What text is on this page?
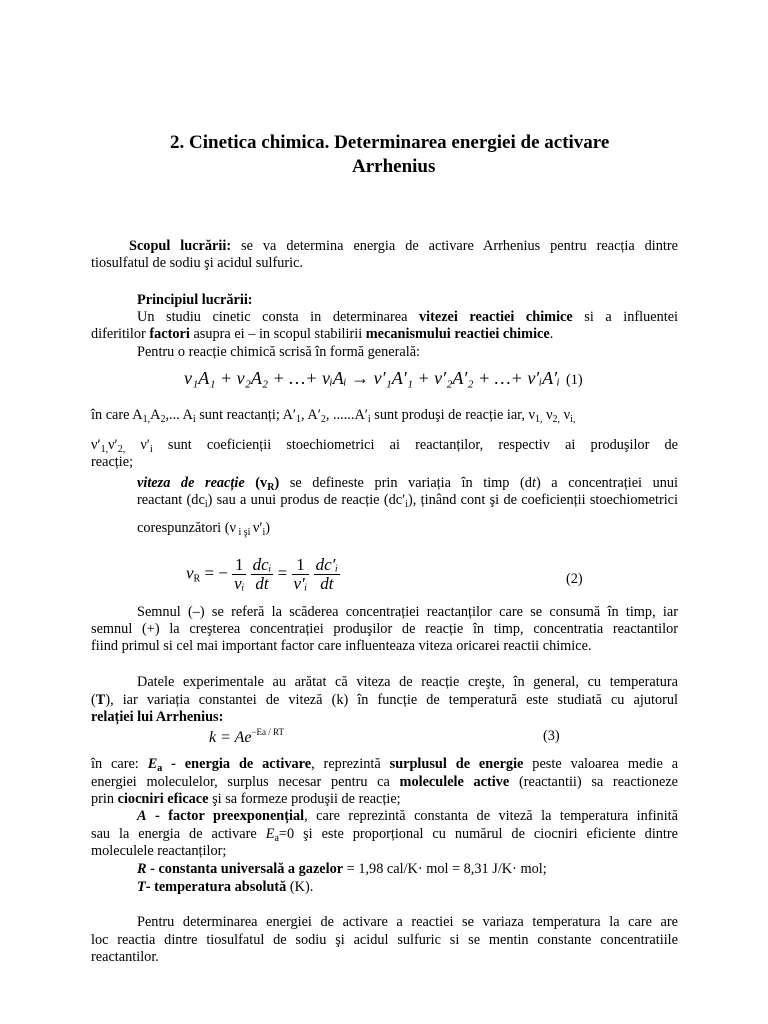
2. Cinetica chimica. Determinarea energiei de activare
Arrhenius
Scopul lucrării: se va determina energia de activare Arrhenius pentru reacția dintre
tiosulfatul de sodiu şi acidul sulfuric.
Principiul lucrării:
Un studiu cinetic consta in determinarea vitezei reactiei chimice si a influentei
diferitilor factori asupra ei – in scopul stabilirii mecanismului reactiei chimice.
Pentru o reacție chimică scrisă în formă generală:
ν₁A₁ + ν₂A₂ + …+ νᵢAᵢ → ν′₁A′₁ + ν′₂A′₂ + …+ ν′ᵢA′ᵢ (1)
în care $A_{1,}A_2$,... $A_i$ sunt reactanți; $A'_1$, $A'_2$, $......A'_i$ sunt produşi de reacție iar, $\nu_{1,}$ $\nu_{2,}$ $\nu_{i,}$
$\nu'_{1,}\nu'_{2,}$ $\nu'_i$ sunt coeficienții stoechiometrici ai reactanților, respectiv ai produşilor de
reacție;
viteza de reacție $(v_R)$ se defineste prin variația în timp (dt) a concentrației unui
reactant $(dc_i)$ sau a unui produs de reacție $(dc'_i)$, ținând cont şi de coeficienții stoechiometrici
corespunzători (ν $_{i şi}$ $\nu'_i$)
$v_R$ = − $\frac{1}{\text{νᵢ}}$
$\frac{\text{dcᵢ}}{dt} = \frac{1}{\text{ν'ᵢ}}$
$\frac{\text{dc′ᵢ}}{dt}$	(2)
Semnul (–) se referă la scăderea concentrației reactanților care se consumă în timp, iar
semnul (+) la creşterea concentrației produşilor de reacție în timp, concentratia reactantilor
fiind primul si cel mai important factor care influenteaza viteza oricarei reactii chimice.
Datele experimentale au arătat că viteza de reacție creşte, în general, cu temperatura
(T), iar variația constantei de viteză (k) în funcție de temperatură este studiată cu ajutorul
relației lui Arrhenius:
$k = Ae^{-Ea / RT}$	(3)
în care: $E_a$ - energia de activare, reprezintă surplusul de energie peste valoarea medie a
energiei moleculelor, surplus necesar pentru ca moleculele active (reactantii) sa reactioneze
prin ciocniri eficace şi sa formeze produşii de reacție;
A - factor preexponențial, care reprezintă constanta de viteză la temperatura infinită
sau la energia de activare $E_a=0$ şi este proporțional cu numărul de ciocniri eficiente dintre
moleculele reactanților;
R - constanta universală a gazelor = 1,98 cal/K· mol = 8,31 J/K· mol;
T- temperatura absolută (K).
Pentru determinarea energiei de activare a reactiei se variaza temperatura la care are
loc reactia dintre tiosulfatul de sodiu şi acidul sulfuric si se mentin constante concentratiile
reactantilor.
